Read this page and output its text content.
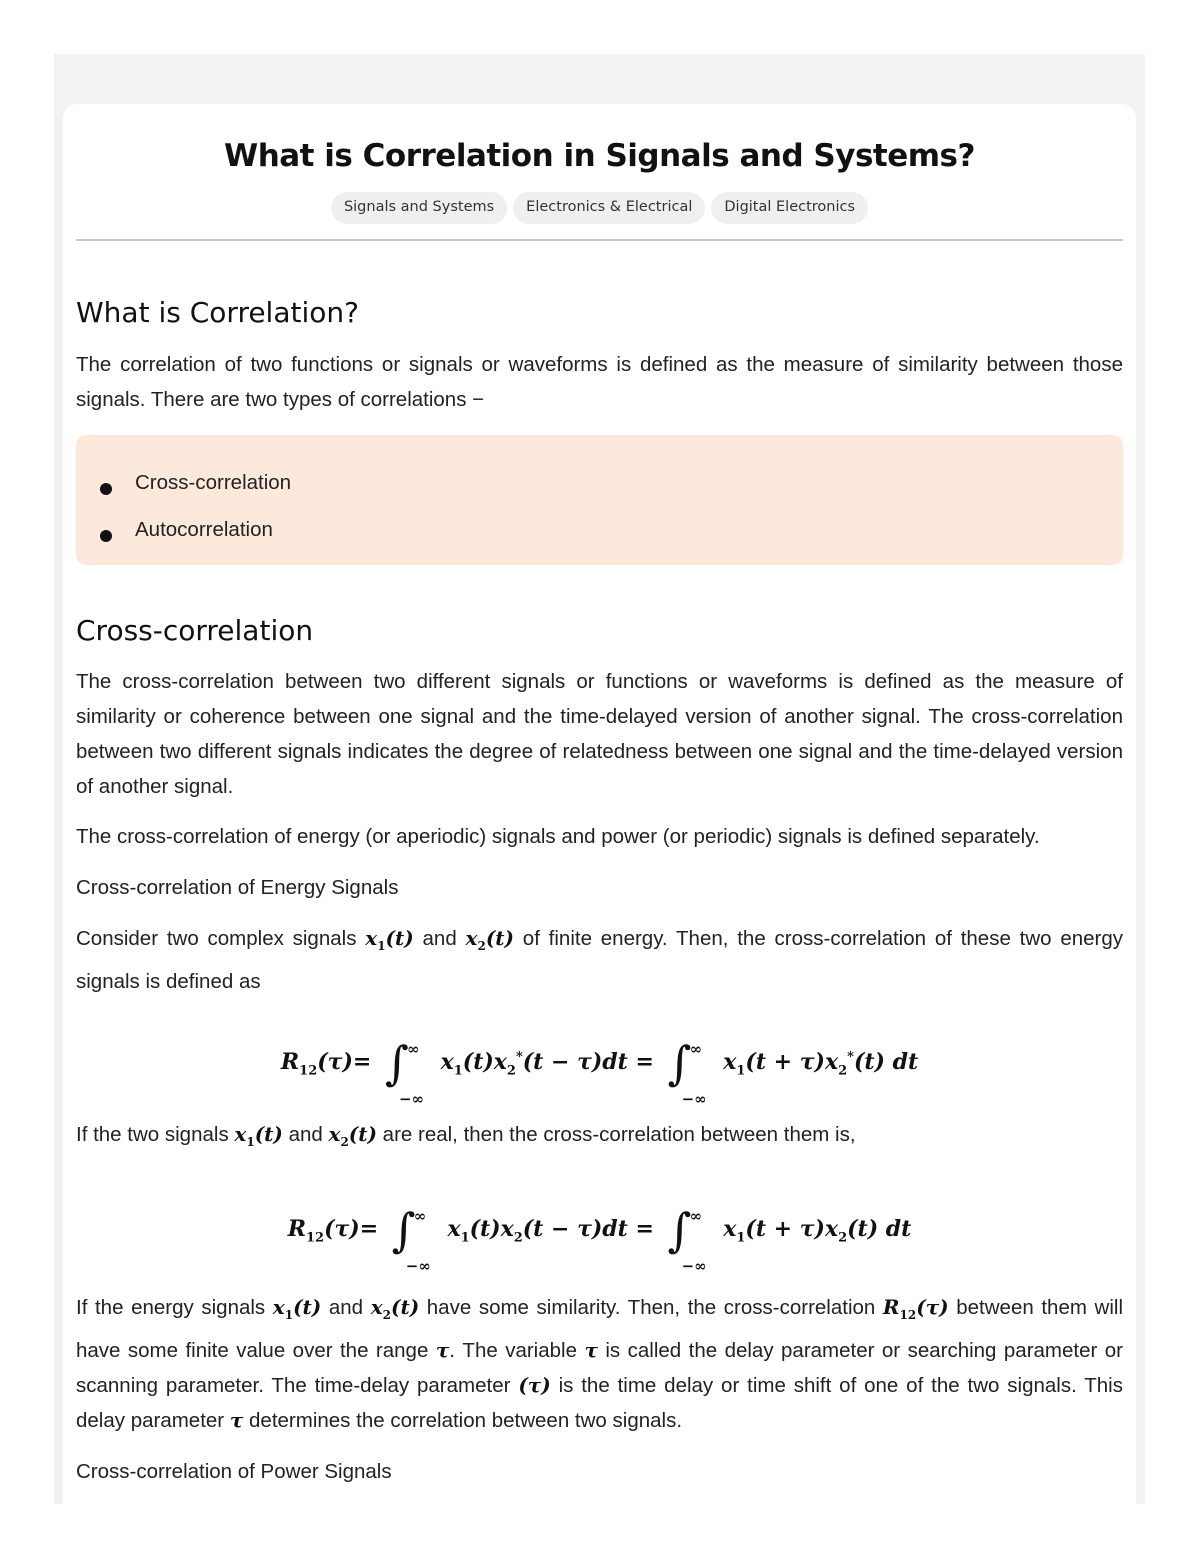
What is Correlation in Signals and Systems?
Signals and Systems	Electronics & Electrical	Digital Electronics
What is Correlation?

The correlation of two functions or signals or waveforms is defined as the measure of similarity between those signals. There are two types of correlations −

Cross-correlation
Autocorrelation
Cross-correlation

The cross-correlation between two different signals or functions or waveforms is defined as the measure of similarity or coherence between one signal and the time-delayed version of another signal. The cross-correlation between two different signals indicates the degree of relatedness between one signal and the time-delayed version of another signal.

The cross-correlation of energy (or aperiodic) signals and power (or periodic) signals is defined separately.

Cross-correlation of Energy Signals

Consider two complex signals $x_1(t)$ and $x_2(t)$ of finite energy. Then, the cross-correlation of these two energy signals is defined as

$R_{12}(\tau)=$ ∫
∞
−∞
$x_1(t)x_2^*(t - \tau)dt$ = ∫
∞
−∞
$x_1(t + \tau)x_2^*(t)$ dt

If the two signals $x_1(t)$ and $x_2(t)$ are real, then the cross-correlation between them is,

$R_{12}(\tau)=$ ∫
∞
−∞
$x_1(t)x_2(t - \tau)dt$ = ∫
∞
−∞
$x_1(t + \tau)x_2(t)$ dt

If the energy signals $x_1(t)$ and $x_2(t)$ have some similarity. Then, the cross-correlation $R_{12}(\tau)$ between them will have some finite value over the range τ. The variable τ is called the delay parameter or searching parameter or scanning parameter. The time-delay parameter (τ) is the time delay or time shift of one of the two signals. This delay parameter τ determines the correlation between two signals.

Cross-correlation of Power Signals
